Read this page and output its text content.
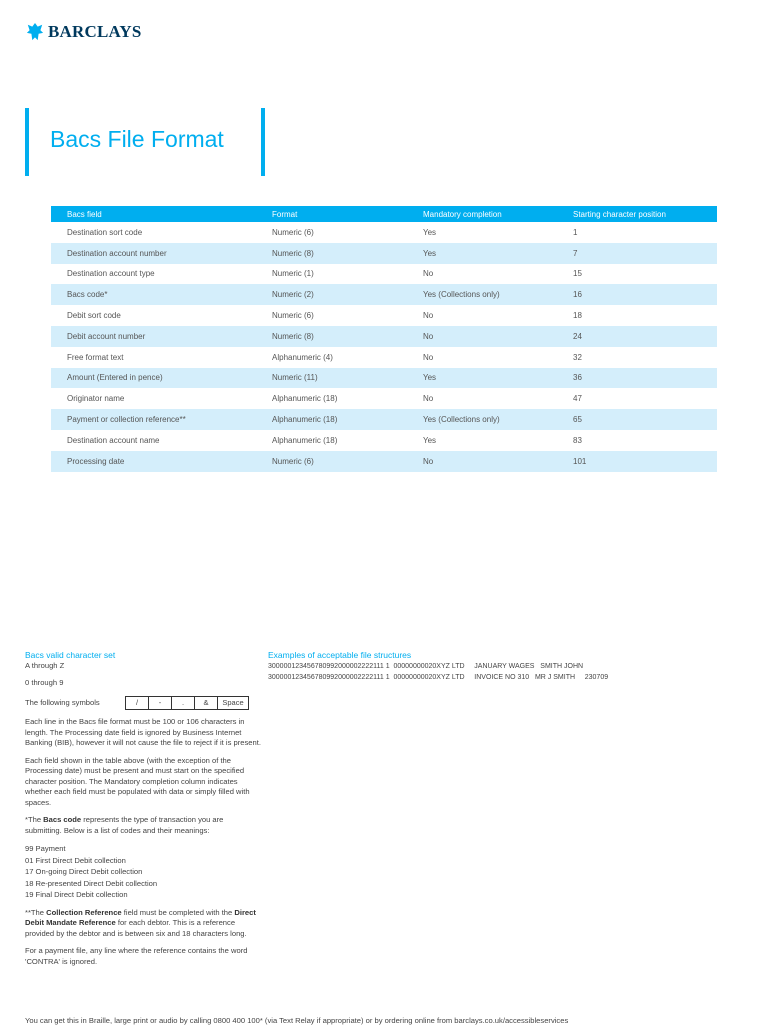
BARCLAYS
Bacs File Format
Bacs field	Format	Mandatory completion	Starting character position
Destination sort code	Numeric (6)	Yes	1
Destination account number	Numeric (8)	Yes	7
Destination account type	Numeric (1)	No	15
Bacs code*	Numeric (2)	Yes (Collections only)	16
Debit sort code	Numeric (6)	No	18
Debit account number	Numeric (8)	No	24
Free format text	Alphanumeric (4)	No	32
Amount (Entered in pence)	Numeric (11)	Yes	36
Originator name	Alphanumeric (18)	No	47
Payment or collection reference**	Alphanumeric (18)	Yes (Collections only)	65
Destination account name	Alphanumeric (18)	Yes	83
Processing date	Numeric (6)	No	101
Bacs valid character set

A through Z

0 through 9

The following symbols	/	-	.	&	Space

Each line in the Bacs file format must be 100 or 106 characters in length. The Processing date field is ignored by Business Internet Banking (BIB), however it will not cause the file to reject if it is present.

Each field shown in the table above (with the exception of the Processing date) must be present and must start on the specified character position. The Mandatory completion column indicates whether each field must be populated with data or simply filled with spaces.

*The Bacs code represents the type of transaction you are submitting. Below is a list of codes and their meanings:

99 Payment
01 First Direct Debit collection
17 On-going Direct Debit collection
18 Re-presented Direct Debit collection
19 Final Direct Debit collection

**The Collection Reference field must be completed with the Direct Debit Mandate Reference for each debtor. This is a reference provided by the debtor and is between six and 18 characters long.

For a payment file, any line where the reference contains the word 'CONTRA' is ignored.

Examples of acceptable file structures
300000123456780992000002222111 1  00000000020XYZ LTD     JANUARY WAGES   SMITH JOHN
300000123456780992000002222111 1  00000000020XYZ LTD     INVOICE NO 310   MR J SMITH     230709
You can get this in Braille, large print or audio by calling 0800 400 100* (via Text Relay if appropriate) or by ordering online from barclays.co.uk/accessibleservices
